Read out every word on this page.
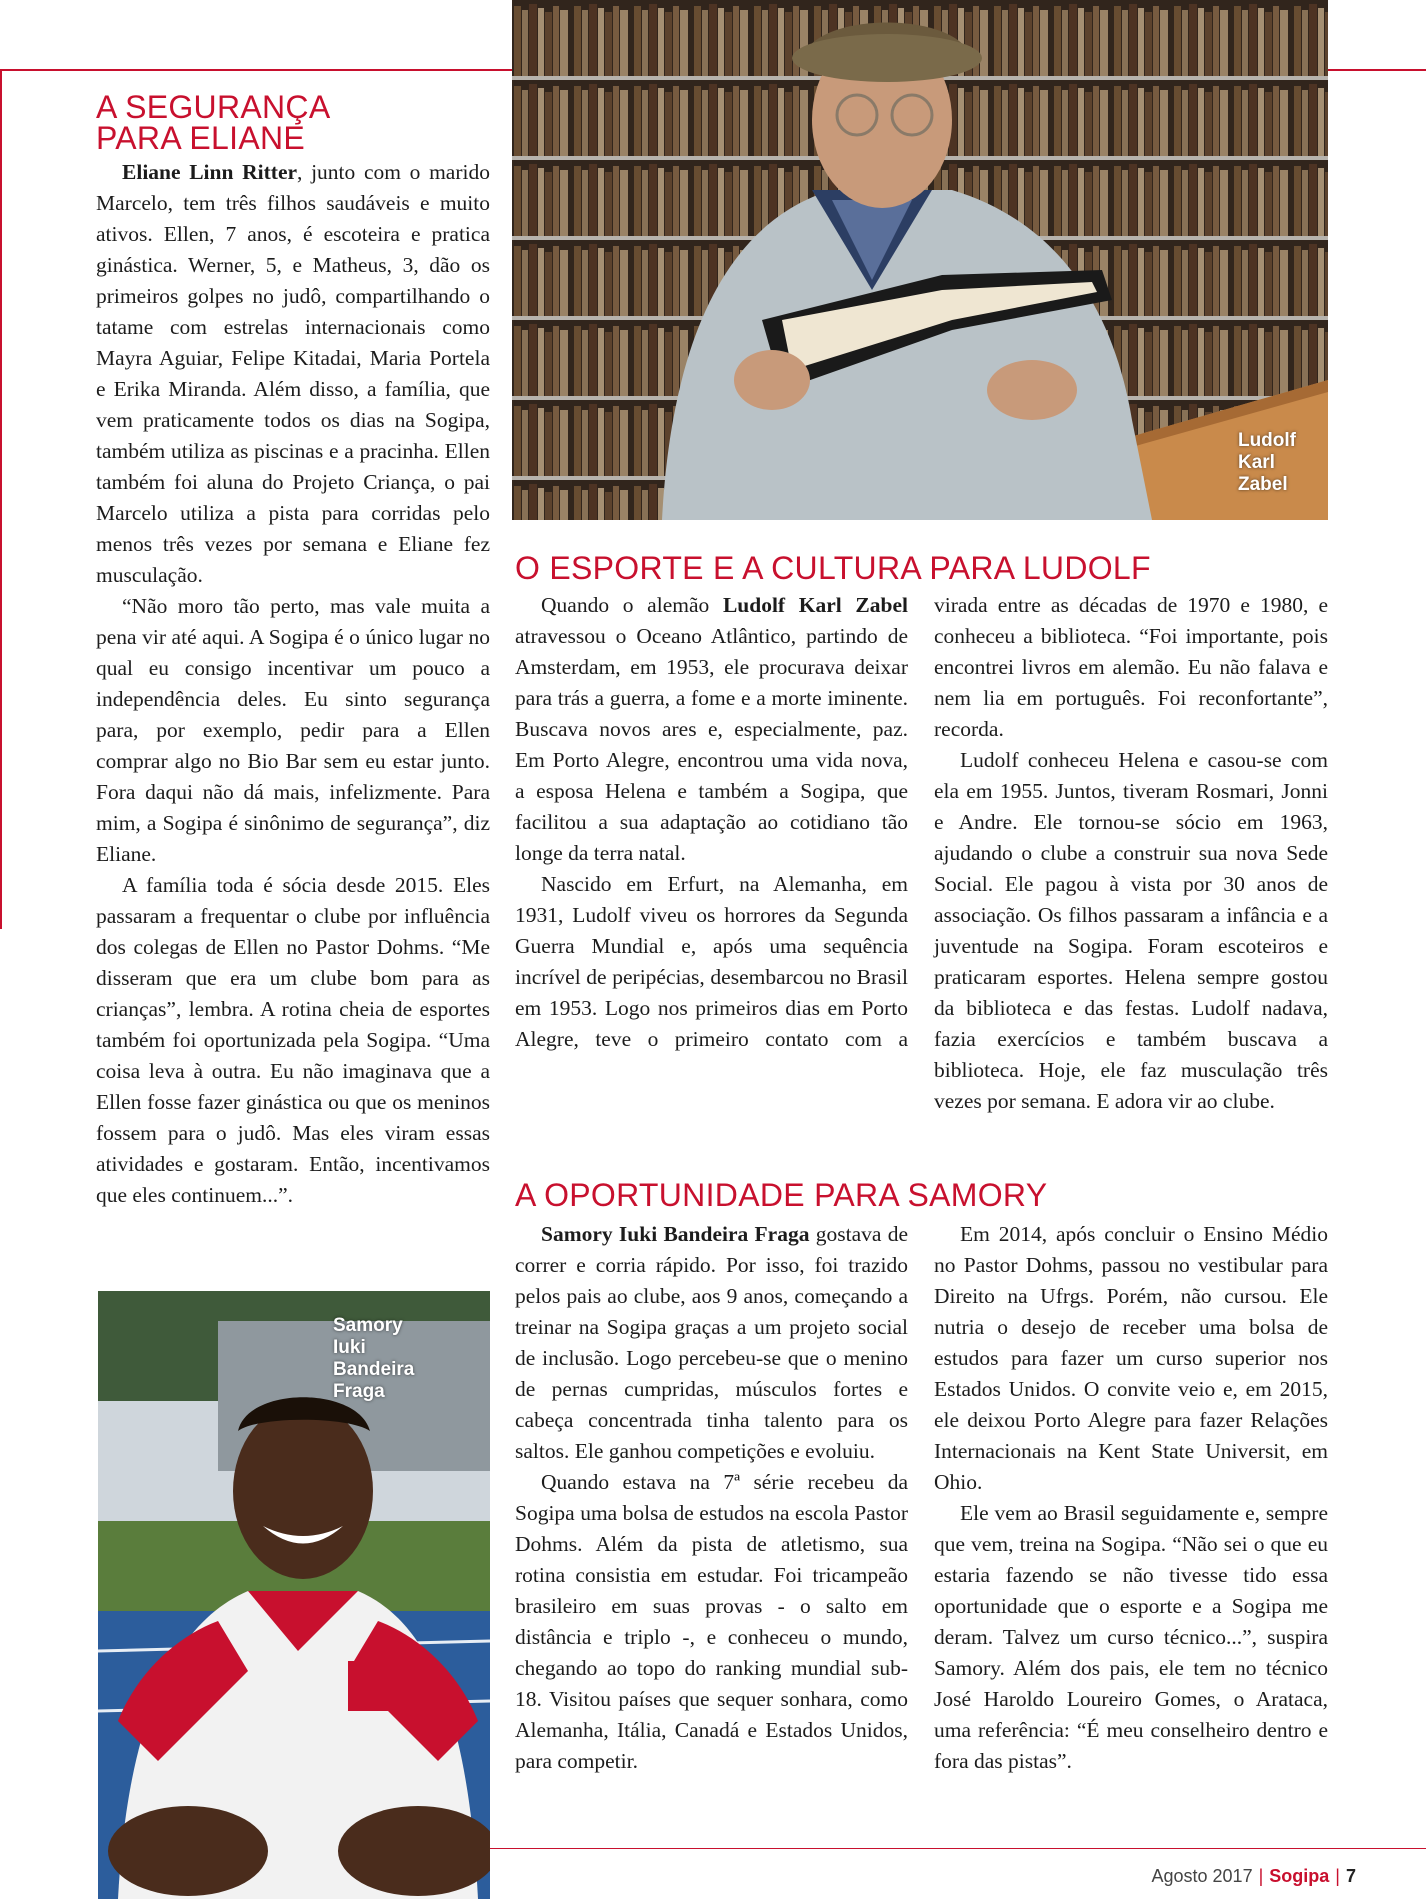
Ludolf
Karl
Zabel
Samory
Iuki
Bandeira
Fraga
A SEGURANÇA
PARA ELIANE

Eliane Linn Ritter, junto com o marido Marcelo, tem três filhos saudáveis e muito ativos. Ellen, 7 anos, é escoteira e pratica ginástica. Werner, 5, e Matheus, 3, dão os primeiros golpes no judô, compartilhando o tatame com estrelas internacionais como Mayra Aguiar, Felipe Kitadai, Maria Portela e Erika Miranda. Além disso, a família, que vem praticamente todos os dias na Sogipa, também utiliza as piscinas e a pracinha. Ellen também foi aluna do Projeto Criança, o pai Marcelo utiliza a pista para corridas pelo menos três vezes por semana e Eliane fez musculação.

“Não moro tão perto, mas vale muita a pena vir até aqui. A Sogipa é o único lugar no qual eu consigo incentivar um pouco a independência deles. Eu sinto segurança para, por exemplo, pedir para a Ellen comprar algo no Bio Bar sem eu estar junto. Fora daqui não dá mais, infelizmente. Para mim, a Sogipa é sinônimo de segurança”, diz Eliane.

A família toda é sócia desde 2015. Eles passaram a frequentar o clube por influência dos colegas de Ellen no Pastor Dohms. “Me disseram que era um clube bom para as crianças”, lembra. A rotina cheia de esportes também foi oportunizada pela Sogipa. “Uma coisa leva à outra. Eu não imaginava que a Ellen fosse fazer ginástica ou que os meninos fossem para o judô. Mas eles viram essas atividades e gostaram. Então, incentivamos que eles continuem...”.

O ESPORTE E A CULTURA PARA LUDOLF

Quando o alemão Ludolf Karl Zabel atravessou o Oceano Atlântico, partindo de Amsterdam, em 1953, ele procurava deixar para trás a guerra, a fome e a morte iminente. Buscava novos ares e, especialmente, paz. Em Porto Alegre, encontrou uma vida nova, a esposa Helena e também a Sogipa, que facilitou a sua adaptação ao cotidiano tão longe da terra natal.

Nascido em Erfurt, na Alemanha, em 1931, Ludolf viveu os horrores da Segunda Guerra Mundial e, após uma sequência incrível de peripécias, desembarcou no Brasil em 1953. Logo nos primeiros dias em Porto Alegre, teve o primeiro contato com a

virada entre as décadas de 1970 e 1980, e conheceu a biblioteca. “Foi importante, pois encontrei livros em alemão. Eu não falava e nem lia em português. Foi reconfortante”, recorda.

Ludolf conheceu Helena e casou-se com ela em 1955. Juntos, tiveram Rosmari, Jonni e Andre. Ele tornou-se sócio em 1963, ajudando o clube a construir sua nova Sede Social. Ele pagou à vista por 30 anos de associação. Os filhos passaram a infância e a juventude na Sogipa. Foram escoteiros e praticaram esportes. Helena sempre gostou da biblioteca e das festas. Ludolf nadava, fazia exercícios e também buscava a biblioteca. Hoje, ele faz musculação três vezes por semana. E adora vir ao clube.

A OPORTUNIDADE PARA SAMORY

Samory Iuki Bandeira Fraga gostava de correr e corria rápido. Por isso, foi trazido pelos pais ao clube, aos 9 anos, começando a treinar na Sogipa graças a um projeto social de inclusão. Logo percebeu-se que o menino de pernas cumpridas, músculos fortes e cabeça concentrada tinha talento para os saltos. Ele ganhou competições e evoluiu.

Quando estava na 7ª série recebeu da Sogipa uma bolsa de estudos na escola Pastor Dohms. Além da pista de atletismo, sua rotina consistia em estudar. Foi tricampeão brasileiro em suas provas - o salto em distância e triplo -, e conheceu o mundo, chegando ao topo do ranking mundial sub-18. Visitou países que sequer sonhara, como Alemanha, Itália, Canadá e Estados Unidos, para competir.

Em 2014, após concluir o Ensino Médio no Pastor Dohms, passou no vestibular para Direito na Ufrgs. Porém, não cursou. Ele nutria o desejo de receber uma bolsa de estudos para fazer um curso superior nos Estados Unidos. O convite veio e, em 2015, ele deixou Porto Alegre para fazer Relações Internacionais na Kent State Universit, em Ohio.

Ele vem ao Brasil seguidamente e, sempre que vem, treina na Sogipa. “Não sei o que eu estaria fazendo se não tivesse tido essa oportunidade que o esporte e a Sogipa me deram. Talvez um curso técnico...”, suspira Samory. Além dos pais, ele tem no técnico José Haroldo Loureiro Gomes, o Arataca, uma referência: “É meu conselheiro dentro e fora das pistas”.

Agosto 2017 | Sogipa | 7
